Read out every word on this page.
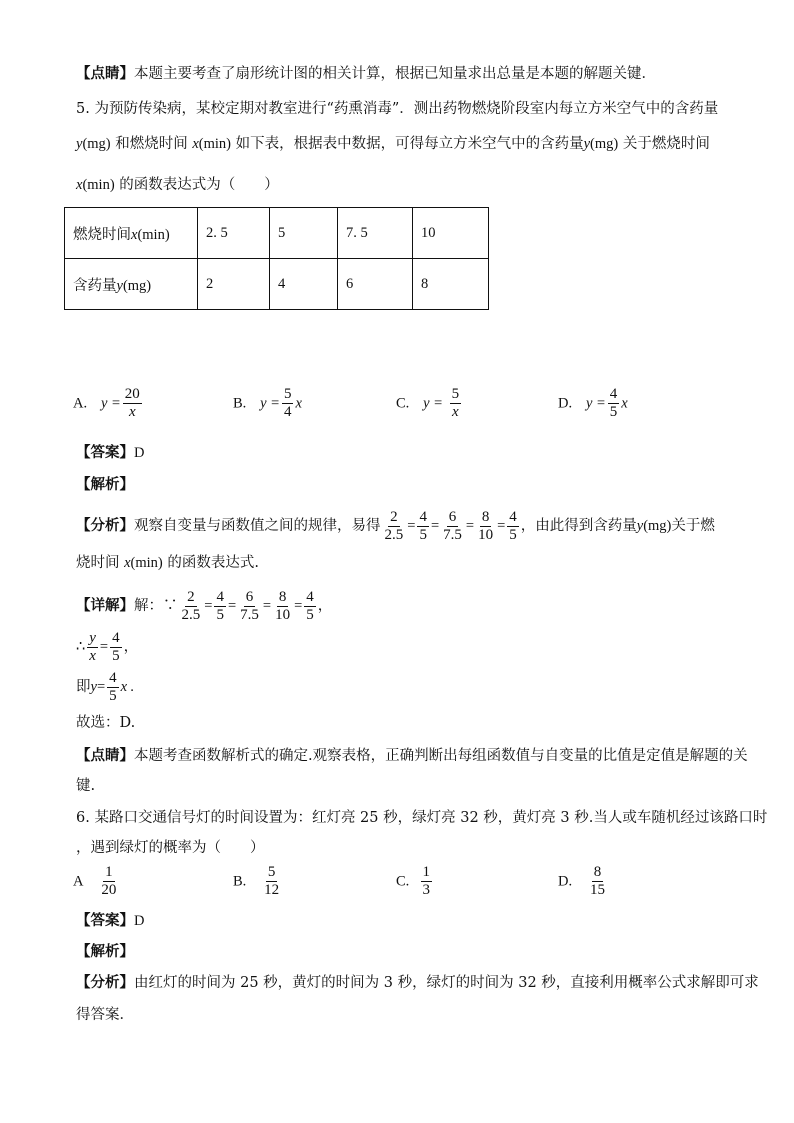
【点睛】本题主要考查了扇形统计图的相关计算，根据已知量求出总量是本题的解题关键．
5. 为预防传染病，某校定期对教室进行“药熏消毒”．测出药物燃烧阶段室内每立方米空气中的含药量
y(mg) 和燃烧时间 x(min) 如下表，根据表中数据，可得每立方米空气中的含药量y(mg) 关于燃烧时间
x(min) 的函数表达式为（　　）
燃烧时间x(min)	2. 5	5	7. 5	10
含药量y(mg)	2	4	6	8
A. $y = \frac{20}{x}$	B. $y = \frac{5}{4}$ x	C. $y = \frac{5}{x}$	D. $y = \frac{4}{5}$ x
【答案】D
【解析】
【分析】观察自变量与函数值之间的规律，易得 $\frac{2}{2.5} = \frac{4}{5} = \frac{6}{7.5} = \frac{8}{10} = \frac{4}{5}$ ，由此得到含药量y(mg)关于燃
烧时间 x(min) 的函数表达式.
【详解】解：∵ $\frac{2}{2.5} = \frac{4}{5} = \frac{6}{7.5} = \frac{8}{10} = \frac{4}{5}$ ，
∴ $\frac{y}{x} = \frac{4}{5}$ ，
即$y= \frac{4}{5}$ x .
故选：D.
【点睛】本题考查函数解析式的确定.观察表格，正确判断出每组函数值与自变量的比值是定值是解题的关
键.
6. 某路口交通信号灯的时间设置为：红灯亮 25 秒，绿灯亮 32 秒，黄灯亮 3 秒.当人或车随机经过该路口时
，遇到绿灯的概率为（　　）
A $\frac{1}{20}$	B. $\frac{5}{12}$	C. $\frac{1}{3}$	D. $\frac{8}{15}$
【答案】D
【解析】
【分析】由红灯的时间为 25 秒，黄灯的时间为 3 秒，绿灯的时间为 32 秒，直接利用概率公式求解即可求
得答案．
